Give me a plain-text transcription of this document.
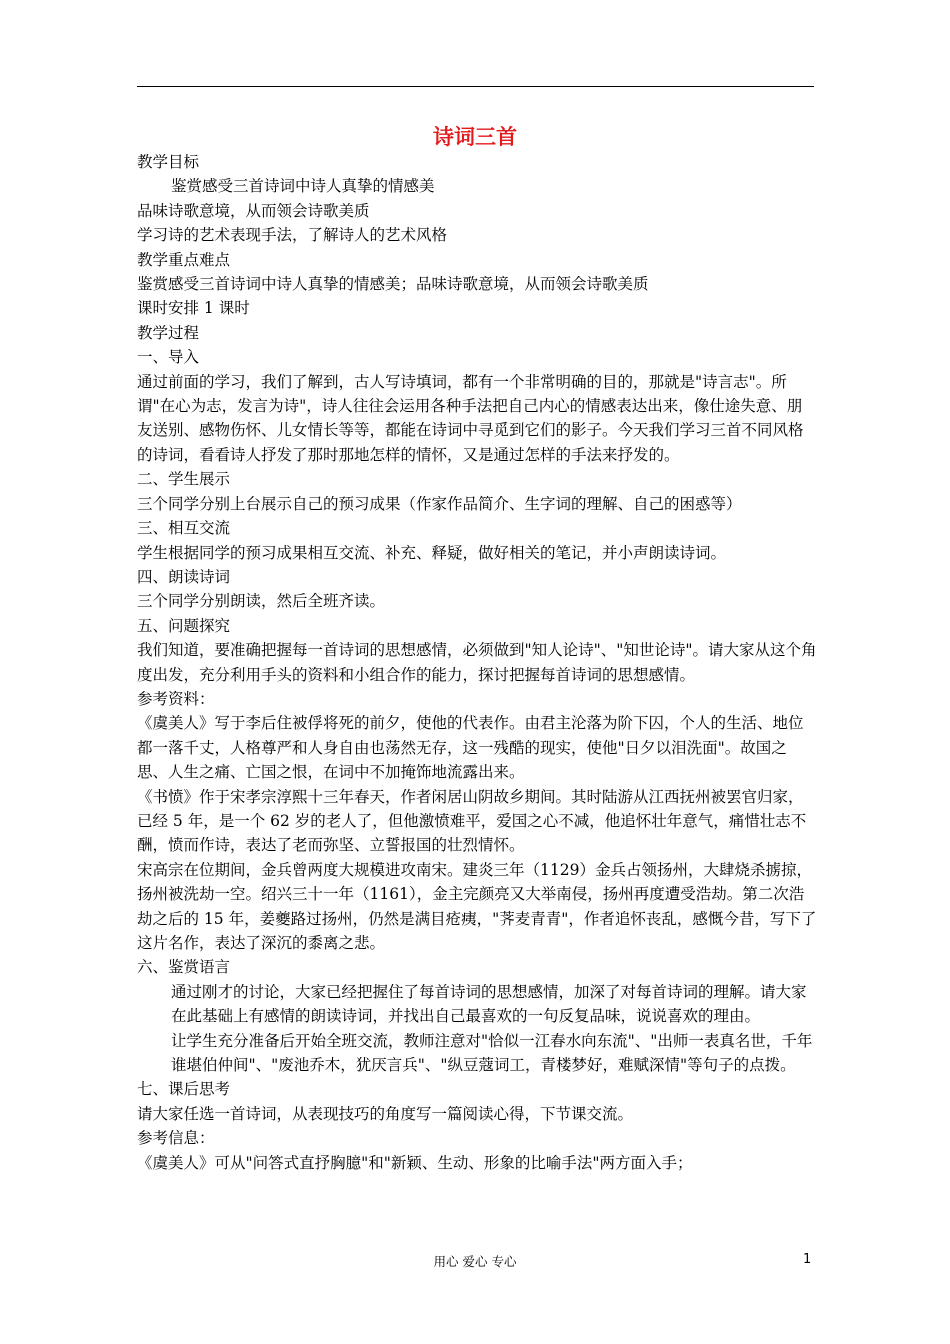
诗词三首

教学目标

鉴赏感受三首诗词中诗人真挚的情感美

品味诗歌意境，从而领会诗歌美质

学习诗的艺术表现手法，了解诗人的艺术风格

教学重点难点

鉴赏感受三首诗词中诗人真挚的情感美；品味诗歌意境，从而领会诗歌美质

课时安排 1 课时

教学过程

一、导入

通过前面的学习，我们了解到，古人写诗填词，都有一个非常明确的目的，那就是"诗言志"。所谓"在心为志，发言为诗"，诗人往往会运用各种手法把自己内心的情感表达出来，像仕途失意、朋友送别、感物伤怀、儿女情长等等，都能在诗词中寻觅到它们的影子。今天我们学习三首不同风格的诗词，看看诗人抒发了那时那地怎样的情怀，又是通过怎样的手法来抒发的。

二、学生展示

三个同学分别上台展示自己的预习成果（作家作品简介、生字词的理解、自己的困惑等）

三、相互交流

学生根据同学的预习成果相互交流、补充、释疑，做好相关的笔记，并小声朗读诗词。

四、朗读诗词

三个同学分别朗读，然后全班齐读。

五、问题探究

我们知道，要准确把握每一首诗词的思想感情，必须做到"知人论诗"、"知世论诗"。请大家从这个角度出发，充分利用手头的资料和小组合作的能力，探讨把握每首诗词的思想感情。

参考资料：

《虞美人》写于李后住被俘将死的前夕，使他的代表作。由君主沦落为阶下囚，个人的生活、地位都一落千丈，人格尊严和人身自由也荡然无存，这一残酷的现实，使他"日夕以泪洗面"。故国之思、人生之痛、亡国之恨，在词中不加掩饰地流露出来。

《书愤》作于宋孝宗淳熙十三年春天，作者闲居山阴故乡期间。其时陆游从江西抚州被罢官归家，已经 5 年，是一个 62 岁的老人了，但他激愤难平，爱国之心不减，他追怀壮年意气，痛惜壮志不酬，愤而作诗，表达了老而弥坚、立誓报国的壮烈情怀。

宋高宗在位期间，金兵曾两度大规模进攻南宋。建炎三年（1129）金兵占领扬州，大肆烧杀掳掠，扬州被洗劫一空。绍兴三十一年（1161），金主完颜亮又大举南侵，扬州再度遭受浩劫。第二次浩劫之后的 15 年，姜夔路过扬州，仍然是满目疮痍，"荠麦青青"，作者追怀丧乱，感慨今昔，写下了这片名作，表达了深沉的黍离之悲。

六、鉴赏语言

通过刚才的讨论，大家已经把握住了每首诗词的思想感情，加深了对每首诗词的理解。请大家在此基础上有感情的朗读诗词，并找出自己最喜欢的一句反复品味，说说喜欢的理由。

让学生充分准备后开始全班交流，教师注意对"恰似一江春水向东流"、"出师一表真名世，千年谁堪伯仲间"、"废池乔木，犹厌言兵"、"纵豆蔻词工，青楼梦好，难赋深情"等句子的点拨。

七、课后思考

请大家任选一首诗词，从表现技巧的角度写一篇阅读心得，下节课交流。

参考信息：

《虞美人》可从"问答式直抒胸臆"和"新颖、生动、形象的比喻手法"两方面入手；

用心 爱心 专心	1
